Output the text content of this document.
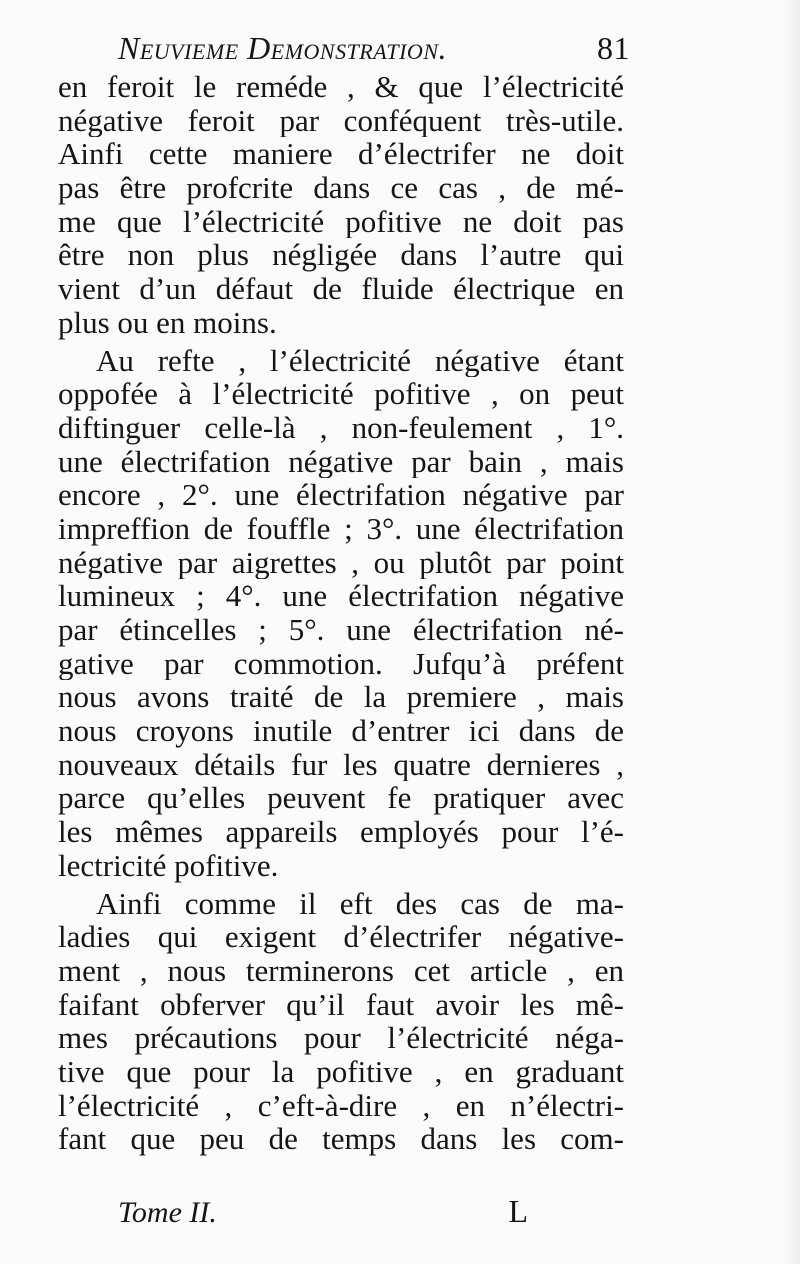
Neuvieme Demonstration.	81
en feroit le reméde , & que l’électricité
négative feroit par conféquent très-utile.
Ainfi cette maniere d’électrifer ne doit
pas être profcrite dans ce cas , de mé-
me que l’électricité pofitive ne doit pas
être non plus négligée dans l’autre qui
vient d’un défaut de fluide électrique en
plus ou en moins.
Au refte , l’électricité négative étant
oppofée à l’électricité pofitive , on peut
diftinguer celle-là , non-feulement , 1°.
une électrifation négative par bain , mais
encore , 2°. une électrifation négative par
impreffion de fouffle ; 3°. une électrifation
négative par aigrettes , ou plutôt par point
lumineux ; 4°. une électrifation négative
par étincelles ; 5°. une électrifation né-
gative par commotion. Jufqu’à préfent
nous avons traité de la premiere , mais
nous croyons inutile d’entrer ici dans de
nouveaux détails fur les quatre dernieres ,
parce qu’elles peuvent fe pratiquer avec
les mêmes appareils employés pour l’é-
lectricité pofitive.
Ainfi comme il eft des cas de ma-
ladies qui exigent d’électrifer négative-
ment , nous terminerons cet article , en
faifant obferver qu’il faut avoir les mê-
mes précautions pour l’électricité néga-
tive que pour la pofitive , en graduant
l’électricité , c’eft-à-dire , en n’électri-
fant que peu de temps dans les com-
Tome II.	L
